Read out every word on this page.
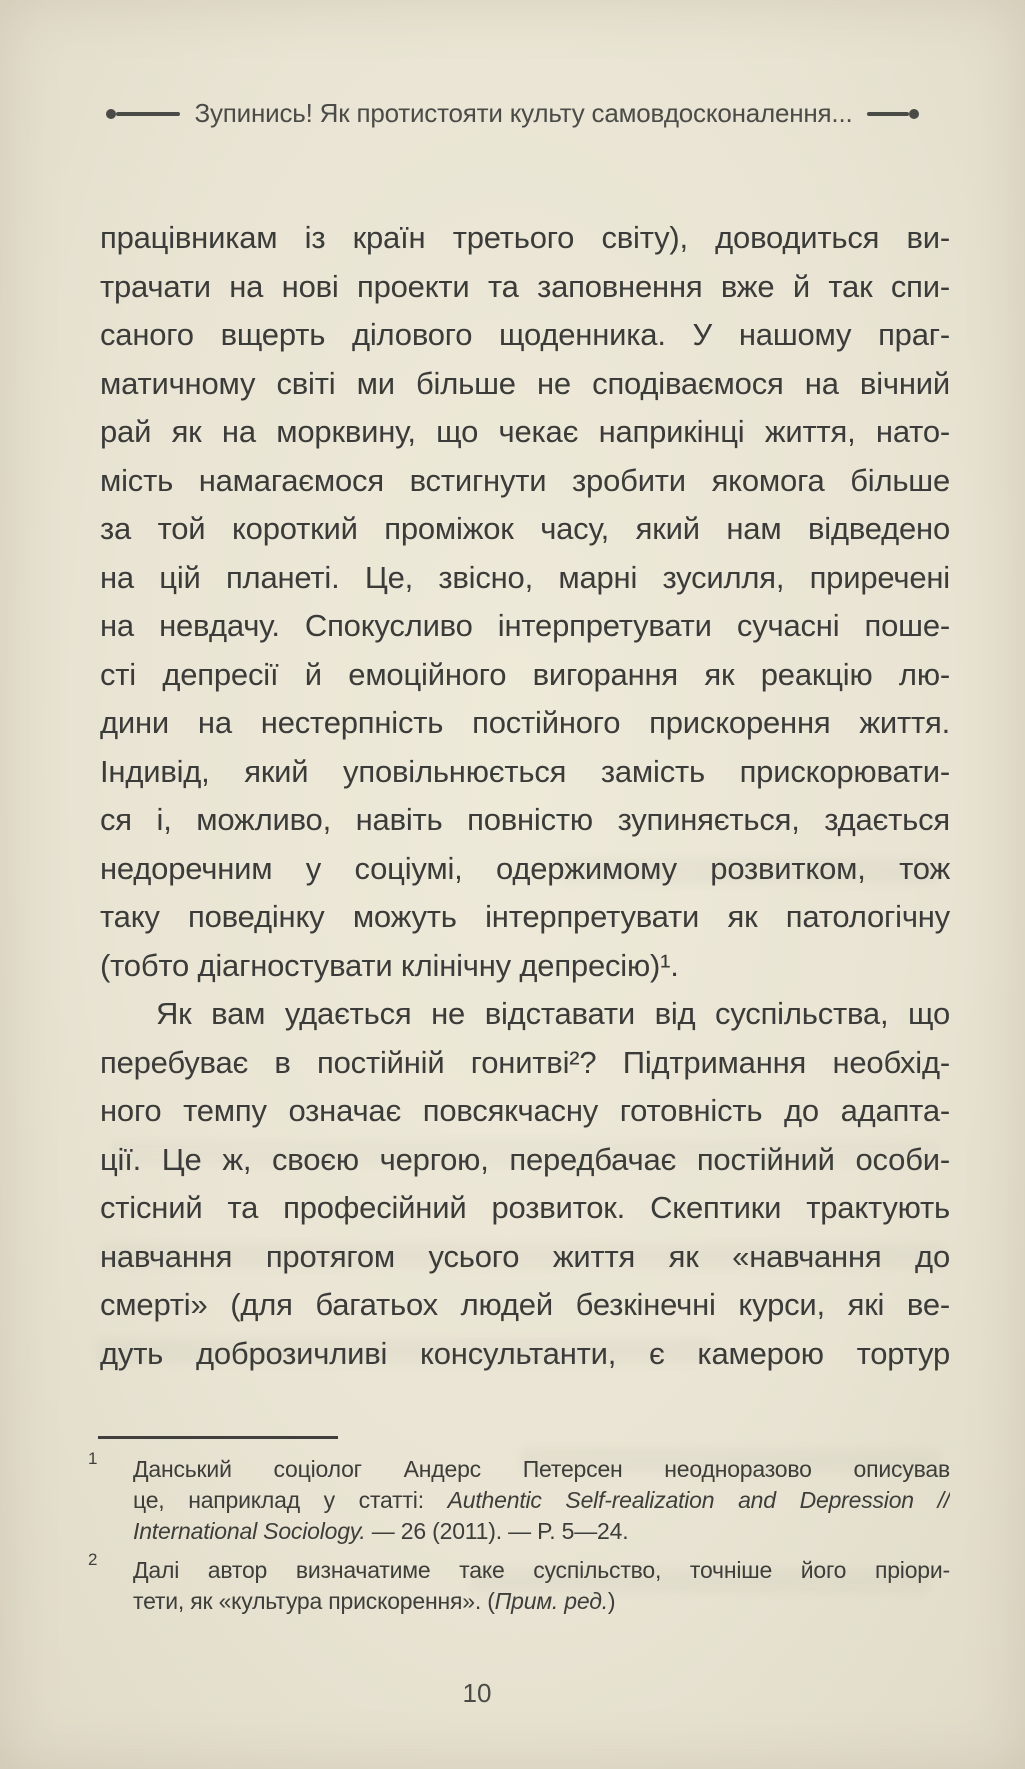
Зупинись! Як протистояти культу самовдосконалення...
працівникам із країн третього світу), доводиться ви-
трачати на нові проекти та заповнення вже й так спи-
саного вщерть ділового щоденника. У нашому праг-
матичному світі ми більше не сподіваємося на вічний
рай як на морквину, що чекає наприкінці життя, нато-
мість намагаємося встигнути зробити якомога більше
за той короткий проміжок часу, який нам відведено
на цій планеті. Це, звісно, марні зусилля, приречені
на невдачу. Спокусливо інтерпретувати сучасні поше-
сті депресії й емоційного вигорання як реакцію лю-
дини на нестерпність постійного прискорення життя.
Індивід, який уповільнюється замість прискорювати-
ся і, можливо, навіть повністю зупиняється, здається
недоречним у соціумі, одержимому розвитком, тож
таку поведінку можуть інтерпретувати як патологічну
(тобто діагностувати клінічну депресію)¹.
Як вам удається не відставати від суспільства, що
перебуває в постійній гонитві²? Підтримання необхід-
ного темпу означає повсякчасну готовність до адапта-
ції. Це ж, своєю чергою, передбачає постійний особи-
стісний та професійний розвиток. Скептики трактують
навчання протягом усього життя як «навчання до
смерті» (для багатьох людей безкінечні курси, які ве-
дуть доброзичливі консультанти, є камерою тортур
1 Данський соціолог Андерс Петерсен неодноразово описував
це, наприклад у статті: Authentic Self-realization and Depression //
International Sociology. — 26 (2011). — P. 5—24.
2 Далі автор визначатиме таке суспільство, точніше його пріори-
тети, як «культура прискорення». (Прим. ред.)
10
